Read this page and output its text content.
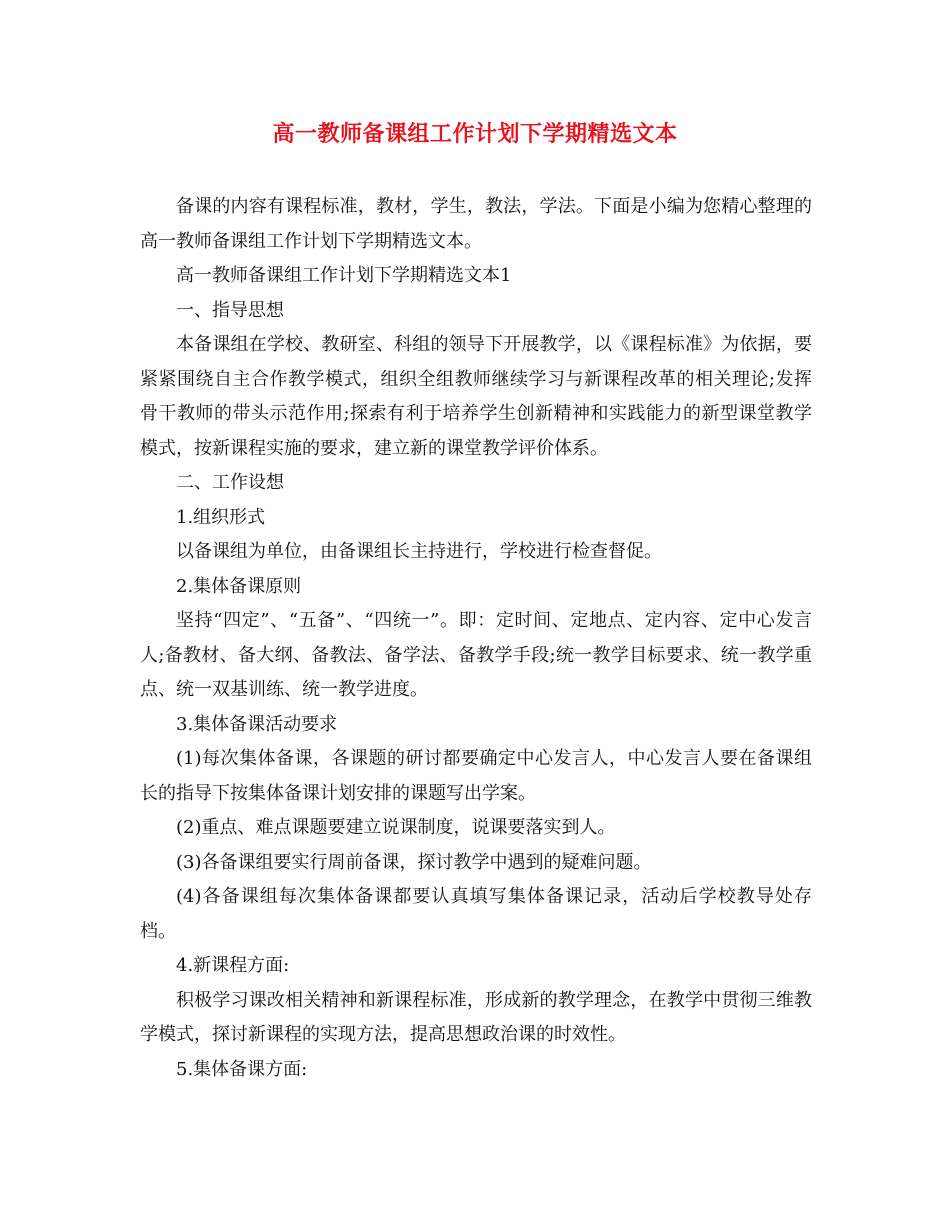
高一教师备课组工作计划下学期精选文本

备课的内容有课程标准，教材，学生，教法，学法。下面是小编为您精心整理的高一教师备课组工作计划下学期精选文本。

高一教师备课组工作计划下学期精选文本1

一、指导思想

本备课组在学校、教研室、科组的领导下开展教学，以《课程标准》为依据，要紧紧围绕自主合作教学模式，组织全组教师继续学习与新课程改革的相关理论;发挥骨干教师的带头示范作用;探索有利于培养学生创新精神和实践能力的新型课堂教学模式，按新课程实施的要求，建立新的课堂教学评价体系。

二、工作设想

1.组织形式

以备课组为单位，由备课组长主持进行，学校进行检查督促。

2.集体备课原则

坚持“四定”、“五备”、“四统一”。即：定时间、定地点、定内容、定中心发言人;备教材、备大纲、备教法、备学法、备教学手段;统一教学目标要求、统一教学重点、统一双基训练、统一教学进度。

3.集体备课活动要求

(1)每次集体备课，各课题的研讨都要确定中心发言人，中心发言人要在备课组长的指导下按集体备课计划安排的课题写出学案。

(2)重点、难点课题要建立说课制度，说课要落实到人。

(3)各备课组要实行周前备课，探讨教学中遇到的疑难问题。

(4)各备课组每次集体备课都要认真填写集体备课记录，活动后学校教导处存档。

4.新课程方面:

积极学习课改相关精神和新课程标准，形成新的教学理念，在教学中贯彻三维教学模式，探讨新课程的实现方法，提高思想政治课的时效性。

5.集体备课方面:
